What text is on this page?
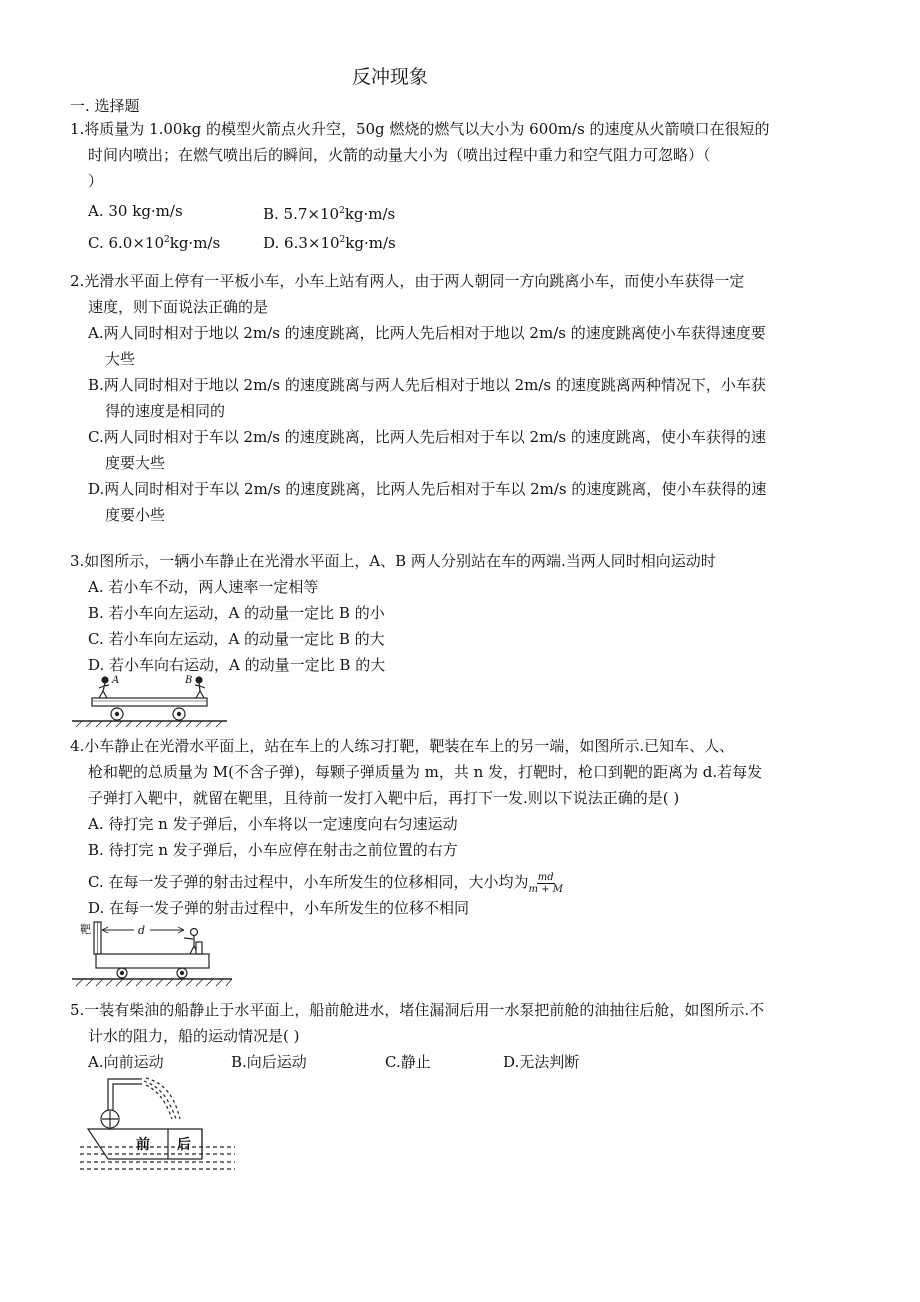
反冲现象
一. 选择题
1.将质量为 1.00kg 的模型火箭点火升空，50g 燃烧的燃气以大小为 600m/s 的速度从火箭喷口在很短的
时间内喷出；在燃气喷出后的瞬间，火箭的动量大小为（喷出过程中重力和空气阻力可忽略）（
）
A. 30 kg·m/s	B. $5.7\times 10^2kg\cdot m/s$
C. $6.0\times 10^2kg\cdot m/s$	D. $6.3\times 10^2kg\cdot m/s$
2.光滑水平面上停有一平板小车，小车上站有两人，由于两人朝同一方向跳离小车，而使小车获得一定
速度，则下面说法正确的是
A.两人同时相对于地以 2m/s 的速度跳离，比两人先后相对于地以 2m/s 的速度跳离使小车获得速度要
大些
B.两人同时相对于地以 2m/s 的速度跳离与两人先后相对于地以 2m/s 的速度跳离两种情况下，小车获
得的速度是相同的
C.两人同时相对于车以 2m/s 的速度跳离，比两人先后相对于车以 2m/s 的速度跳离，使小车获得的速
度要大些
D.两人同时相对于车以 2m/s 的速度跳离，比两人先后相对于车以 2m/s 的速度跳离，使小车获得的速
度要小些
3.如图所示，一辆小车静止在光滑水平面上，A、B 两人分别站在车的两端.当两人同时相向运动时
A. 若小车不动，两人速率一定相等
B. 若小车向左运动，A 的动量一定比 B 的小
C. 若小车向左运动，A 的动量一定比 B 的大
D. 若小车向右运动，A 的动量一定比 B 的大
A	B
4.小车静止在光滑水平面上，站在车上的人练习打靶，靶装在车上的另一端，如图所示.已知车、人、
枪和靶的总质量为 M(不含子弹)，每颗子弹质量为 m，共 n 发，打靶时，枪口到靶的距离为 d.若每发
子弹打入靶中，就留在靶里，且待前一发打入靶中后，再打下一发.则以下说法正确的是( )
A. 待打完 n 发子弹后，小车将以一定速度向右匀速运动
B. 待打完 n 发子弹后，小车应停在射击之前位置的右方
C. 在每一发子弹的射击过程中，小车所发生的位移相同，大小均为 $\frac{md}{m + M}$
D. 在每一发子弹的射击过程中，小车所发生的位移不相同
靶	d
5.一装有柴油的船静止于水平面上，船前舱进水，堵住漏洞后用一水泵把前舱的油抽往后舱，如图所示.不
计水的阻力，船的运动情况是( )
A.向前运动	B.向后运动	C.静止	D.无法判断
前 后
